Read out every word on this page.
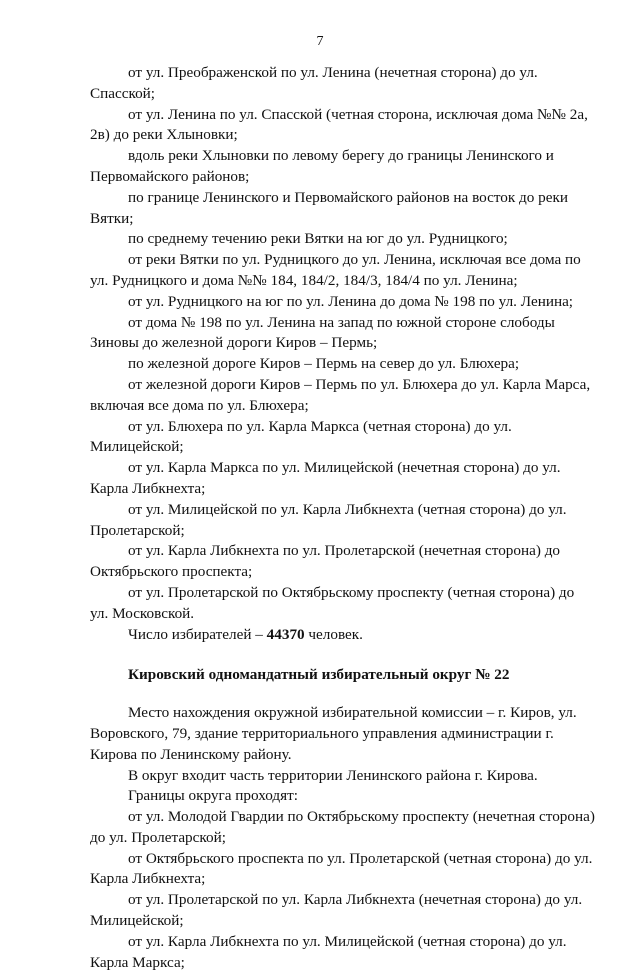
7

от ул. Преображенской по ул. Ленина (нечетная сторона) до ул. Спасской;

от ул. Ленина по ул. Спасской (четная сторона, исключая дома №№ 2а, 2в) до реки Хлыновки;

вдоль реки Хлыновки по левому берегу до границы Ленинского и Первомайского районов;

по границе Ленинского и Первомайского районов на восток до реки Вятки;

по среднему течению реки Вятки на юг до ул. Рудницкого;

от реки Вятки по ул. Рудницкого до ул. Ленина, исключая все дома по ул. Рудницкого и дома №№ 184, 184/2, 184/3, 184/4 по ул. Ленина;

от ул. Рудницкого на юг по ул. Ленина до дома № 198 по ул. Ленина;

от дома № 198 по ул. Ленина на запад по южной стороне слободы Зиновы до железной дороги Киров – Пермь;

по железной дороге Киров – Пермь на север до ул. Блюхера;

от железной дороги Киров – Пермь по ул. Блюхера до ул. Карла Марса, включая все дома по ул. Блюхера;

от ул. Блюхера по ул. Карла Маркса (четная сторона) до ул. Милицейской;

от ул. Карла Маркса по ул. Милицейской (нечетная сторона) до ул. Карла Либкнехта;

от ул. Милицейской по ул. Карла Либкнехта (четная сторона) до ул. Пролетарской;

от ул. Карла Либкнехта по ул. Пролетарской (нечетная сторона) до Октябрьского проспекта;

от ул. Пролетарской по Октябрьскому проспекту (четная сторона) до ул. Московской.

Число избирателей – 44370 человек.

Кировский одномандатный избирательный округ № 22

Место нахождения окружной избирательной комиссии – г. Киров, ул. Воровского, 79, здание территориального управления администрации г. Кирова по Ленинскому району.

В округ входит часть территории Ленинского района г. Кирова.

Границы округа проходят:

от ул. Молодой Гвардии по Октябрьскому проспекту (нечетная сторона) до ул. Пролетарской;

от Октябрьского проспекта по ул. Пролетарской (четная сторона) до ул. Карла Либкнехта;

от ул. Пролетарской по ул. Карла Либкнехта (нечетная сторона) до ул. Милицейской;

от ул. Карла Либкнехта по ул. Милицейской (четная сторона) до ул. Карла Маркса;
